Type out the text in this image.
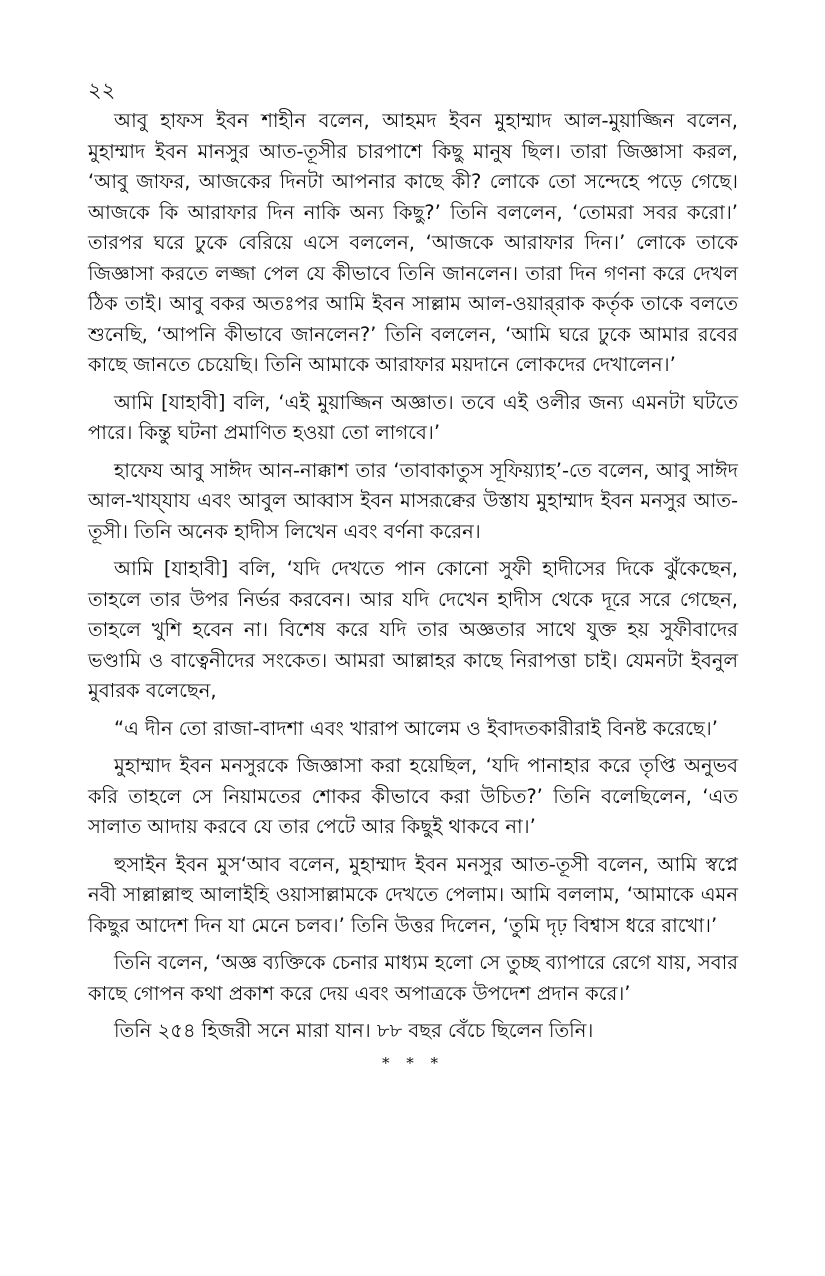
২২

আবু হাফস ইবন শাহীন বলেন, আহমদ ইবন মুহাম্মাদ আল-মুয়াজ্জিন বলেন, মুহাম্মাদ ইবন মানসুর আত-তূসীর চারপাশে কিছু মানুষ ছিল। তারা জিজ্ঞাসা করল, ‘আবু জাফর, আজকের দিনটা আপনার কাছে কী? লোকে তো সন্দেহে পড়ে গেছে। আজকে কি আরাফার দিন নাকি অন্য কিছু?’ তিনি বললেন, ‘তোমরা সবর করো।’ তারপর ঘরে ঢুকে বেরিয়ে এসে বললেন, ‘আজকে আরাফার দিন।’ লোকে তাকে জিজ্ঞাসা করতে লজ্জা পেল যে কীভাবে তিনি জানলেন। তারা দিন গণনা করে দেখল ঠিক তাই। আবু বকর অতঃপর আমি ইবন সাল্লাম আল-ওয়ার্‌রাক কর্তৃক তাকে বলতে শুনেছি, ‘আপনি কীভাবে জানলেন?’ তিনি বললেন, ‘আমি ঘরে ঢুকে আমার রবের কাছে জানতে চেয়েছি। তিনি আমাকে আরাফার ময়দানে লোকদের দেখালেন।’

আমি [যাহাবী] বলি, ‘এই মুয়াজ্জিন অজ্ঞাত। তবে এই ওলীর জন্য এমনটা ঘটতে পারে। কিন্তু ঘটনা প্রমাণিত হওয়া তো লাগবে।’

হাফেয আবু সাঈদ আন-নাক্কাশ তার ‘তাবাকাতুস সূফিয়্যাহ’-তে বলেন, আবু সাঈদ আল-খায্‌যায এবং আবুল আব্বাস ইবন মাসরূক্বের উস্তায মুহাম্মাদ ইবন মনসুর আত-তূসী। তিনি অনেক হাদীস লিখেন এবং বর্ণনা করেন।

আমি [যাহাবী] বলি, ‘যদি দেখতে পান কোনো সুফী হাদীসের দিকে ঝুঁকেছেন, তাহলে তার উপর নির্ভর করবেন। আর যদি দেখেন হাদীস থেকে দূরে সরে গেছেন, তাহলে খুশি হবেন না। বিশেষ করে যদি তার অজ্ঞতার সাথে যুক্ত হয় সুফীবাদের ভণ্ডামি ও বাত্বেনীদের সংকেত। আমরা আল্লাহর কাছে নিরাপত্তা চাই। যেমনটা ইবনুল মুবারক বলেছেন,

“এ দীন তো রাজা-বাদশা এবং খারাপ আলেম ও ইবাদতকারীরাই বিনষ্ট করেছে।’

মুহাম্মাদ ইবন মনসুরকে জিজ্ঞাসা করা হয়েছিল, ‘যদি পানাহার করে তৃপ্তি অনুভব করি তাহলে সে নিয়ামতের শোকর কীভাবে করা উচিত?’ তিনি বলেছিলেন, ‘এত সালাত আদায় করবে যে তার পেটে আর কিছুই থাকবে না।’

হুসাইন ইবন মুস‘আব বলেন, মুহাম্মাদ ইবন মনসুর আত-তূসী বলেন, আমি স্বপ্নে নবী সাল্লাল্লাহু আলাইহি ওয়াসাল্লামকে দেখতে পেলাম। আমি বললাম, ‘আমাকে এমন কিছুর আদেশ দিন যা মেনে চলব।’ তিনি উত্তর দিলেন, ‘তুমি দৃঢ় বিশ্বাস ধরে রাখো।’

তিনি বলেন, ‘অজ্ঞ ব্যক্তিকে চেনার মাধ্যম হলো সে তুচ্ছ ব্যাপারে রেগে যায়, সবার কাছে গোপন কথা প্রকাশ করে দেয় এবং অপাত্রকে উপদেশ প্রদান করে।’

তিনি ২৫৪ হিজরী সনে মারা যান। ৮৮ বছর বেঁচে ছিলেন তিনি।

* * *
